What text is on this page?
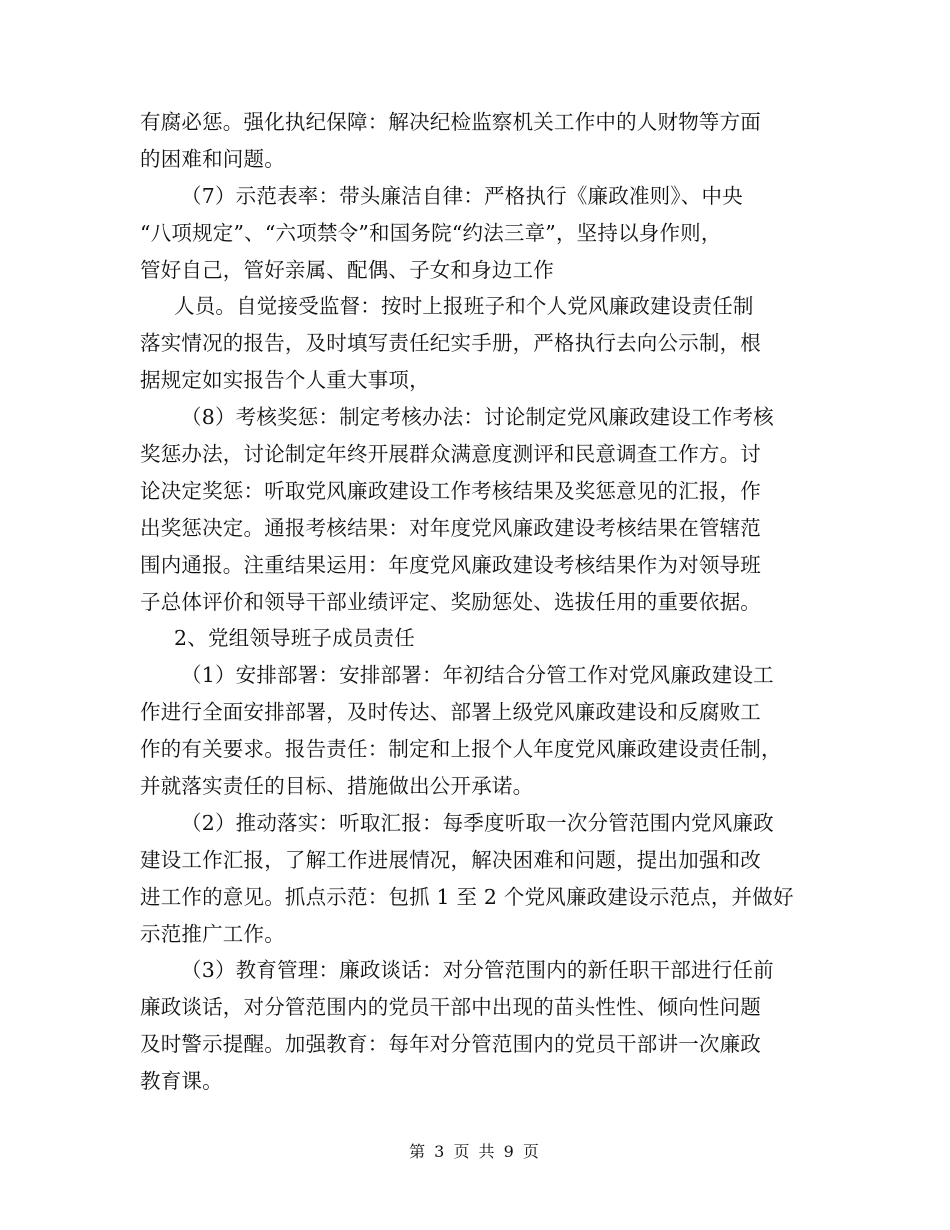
有腐必惩。强化执纪保障：解决纪检监察机关工作中的人财物等方面
的困难和问题。
（7）示范表率：带头廉洁自律：严格执行《廉政准则》、中央
“八项规定”、“六项禁令”和国务院“约法三章”，坚持以身作则，
管好自己，管好亲属、配偶、子女和身边工作
人员。自觉接受监督：按时上报班子和个人党风廉政建设责任制
落实情况的报告，及时填写责任纪实手册，严格执行去向公示制，根
据规定如实报告个人重大事项，
（8）考核奖惩：制定考核办法：讨论制定党风廉政建设工作考核
奖惩办法，讨论制定年终开展群众满意度测评和民意调查工作方。讨
论决定奖惩：听取党风廉政建设工作考核结果及奖惩意见的汇报，作
出奖惩决定。通报考核结果：对年度党风廉政建设考核结果在管辖范
围内通报。注重结果运用：年度党风廉政建设考核结果作为对领导班
子总体评价和领导干部业绩评定、奖励惩处、选拔任用的重要依据。
2、党组领导班子成员责任
（1）安排部署：安排部署：年初结合分管工作对党风廉政建设工
作进行全面安排部署，及时传达、部署上级党风廉政建设和反腐败工
作的有关要求。报告责任：制定和上报个人年度党风廉政建设责任制，
并就落实责任的目标、措施做出公开承诺。
（2）推动落实：听取汇报：每季度听取一次分管范围内党风廉政
建设工作汇报，了解工作进展情况，解决困难和问题，提出加强和改
进工作的意见。抓点示范：包抓 1 至 2 个党风廉政建设示范点，并做好
示范推广工作。
（3）教育管理：廉政谈话：对分管范围内的新任职干部进行任前
廉政谈话，对分管范围内的党员干部中出现的苗头性性、倾向性问题
及时警示提醒。加强教育：每年对分管范围内的党员干部讲一次廉政
教育课。
第 3 页 共 9 页
